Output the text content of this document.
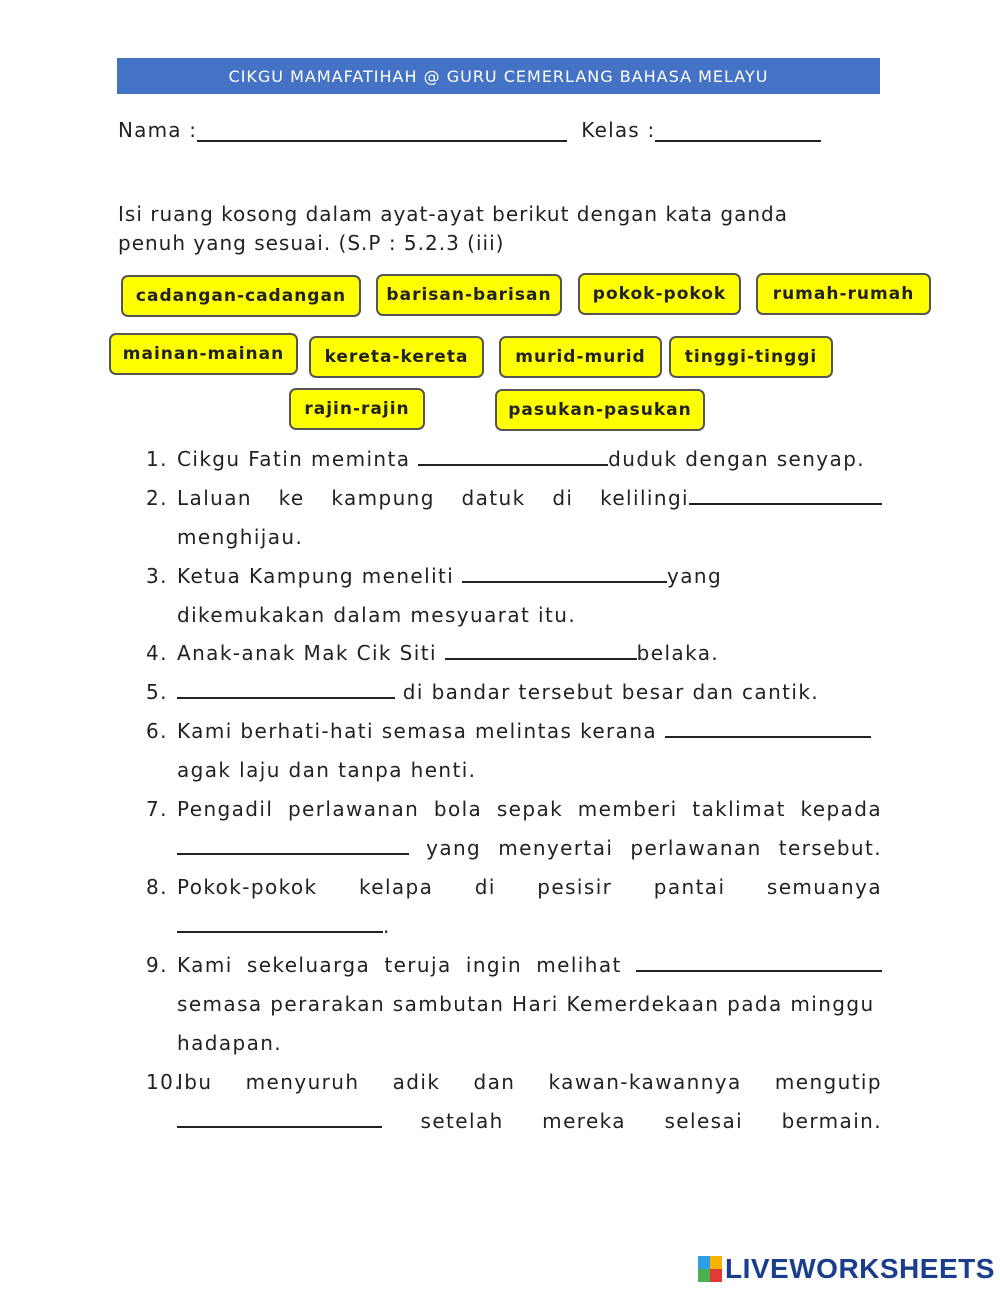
CIKGU MAMAFATIHAH @ GURU CEMERLANG BAHASA MELAYU
Nama :	Kelas :
Isi ruang kosong dalam ayat-ayat berikut dengan kata ganda penuh yang sesuai. (S.P : 5.2.3 (iii)
cadangan-cadangan	barisan-barisan	pokok-pokok	rumah-rumah
mainan-mainan	kereta-kereta	murid-murid	tinggi-tinggi
rajin-rajin	pasukan-pasukan
1. Cikgu Fatin meminta	duduk dengan senyap.
2. Laluan ke kampung datuk di kelilingi
menghijau.
3. Ketua Kampung meneliti	yang dikemukakan dalam mesyuarat itu.
4. Anak-anak Mak Cik Siti	belaka.
5.	di bandar tersebut besar dan cantik.
6. Kami berhati-hati semasa melintas kerana  agak laju dan tanpa henti.
7. Pengadil perlawanan bola sepak memberi taklimat kepada
yang menyertai perlawanan tersebut.
8. Pokok-pokok kelapa di pesisir pantai semuanya
.
9. Kami sekeluarga teruja ingin melihat
semasa perarakan sambutan Hari Kemerdekaan pada minggu hadapan.
10.
Ibu menyuruh adik dan kawan-kawannya mengutip
setelah mereka selesai bermain.
LIVEWORKSHEETS
